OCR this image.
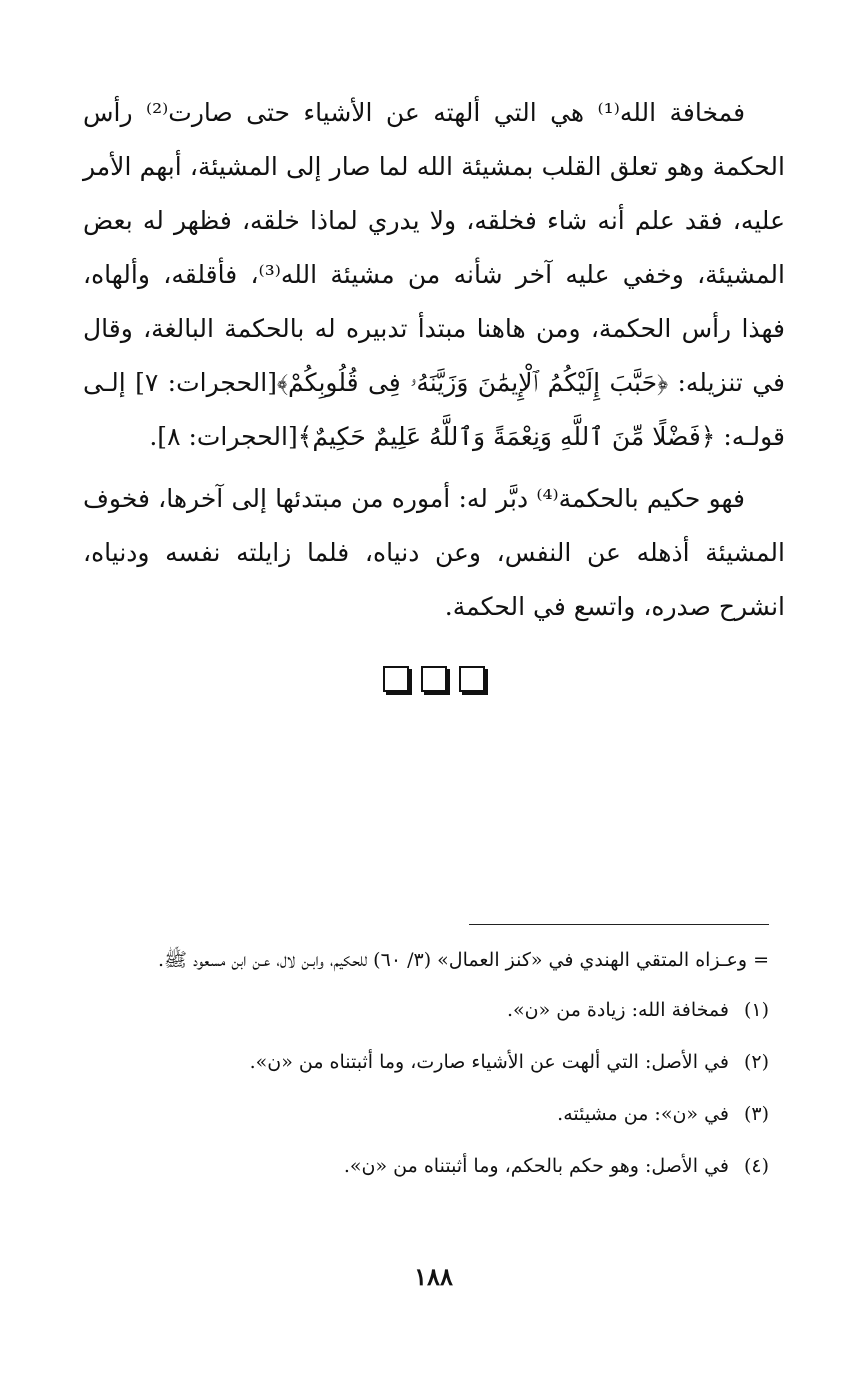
فمخافة الله⁽¹⁾ هي التي ألهته عن الأشياء حتى صارت⁽²⁾ رأس الحكمة وهو تعلق القلب بمشيئة الله لما صار إلى المشيئة، أبهم الأمر عليه، فقد علم أنه شاء فخلقه، ولا يدري لماذا خلقه، فظهر له بعض المشيئة، وخفي عليه آخر شأنه من مشيئة الله⁽³⁾، فأقلقه، وألهاه، فهذا رأس الحكمة، ومن هاهنا مبتدأ تدبيره له بالحكمة البالغة، وقال في تنزيله: ﴿حَبَّبَ إِلَيْكُمُ ٱلْإِيمَٰنَ وَزَيَّنَهُۥ فِى قُلُوبِكُمْ﴾[الحجرات: ٧] إلـى قولـه: ﴿فَضْلًا مِّنَ ٱللَّهِ وَنِعْمَةً وَٱللَّهُ عَلِيمٌ حَكِيمٌ﴾[الحجرات: ٨].

فهو حكيم بالحكمة⁽⁴⁾ دبَّر له: أموره من مبتدئها إلى آخرها، فخوف المشيئة أذهله عن النفس، وعن دنياه، فلما زايلته نفسه ودنياه، انشرح صدره، واتسع في الحكمة.

= وعـزاه المتقي الهندي في «كنز العمال» (٣/ ٦٠) للحكيم، وابـن لال، عـن ابن مسعود ﷺ.

(١)
فمخافة الله: زيادة من «ن».
(٢)
في الأصل: التي ألهت عن الأشياء صارت، وما أثبتناه من «ن».
(٣)
في «ن»: من مشيئته.
(٤)
في الأصل: وهو حكم بالحكم، وما أثبتناه من «ن».
١٨٨
